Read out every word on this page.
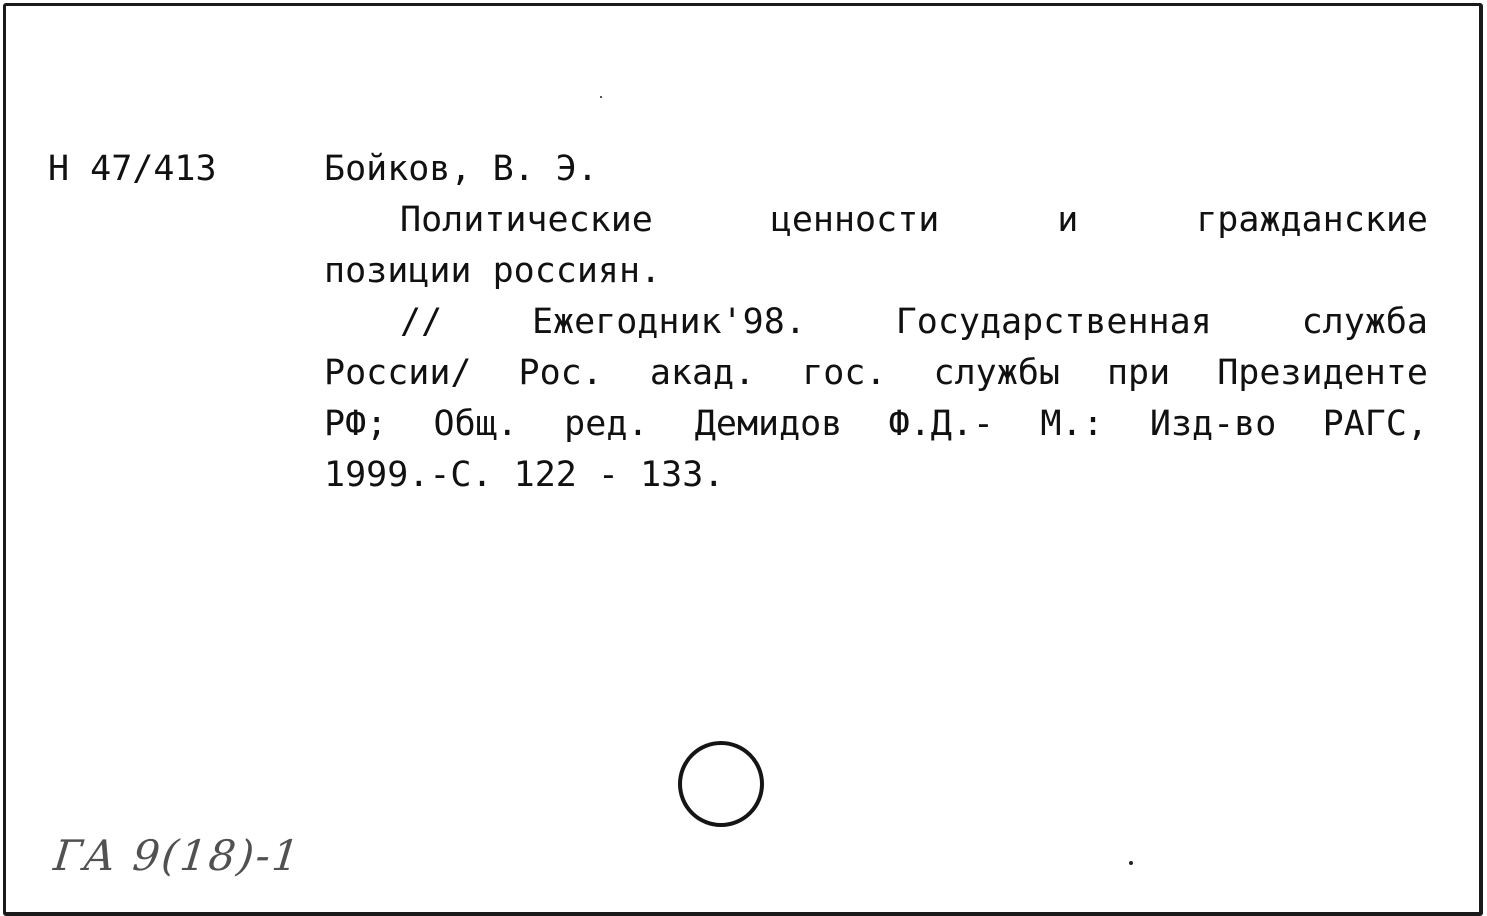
Н 47/413	Бойков, В. Э.
Политические	ценности	и	гражданские
позиции россиян.
//	Ежегодник'98.	Государственная	служба
России/ Рос. акад. гос. службы при Президенте
РФ; Общ. ред. Демидов Ф.Д.- М.: Изд-во РАГС,
1999.-С. 122 - 133.
ГА 9(18)-1
